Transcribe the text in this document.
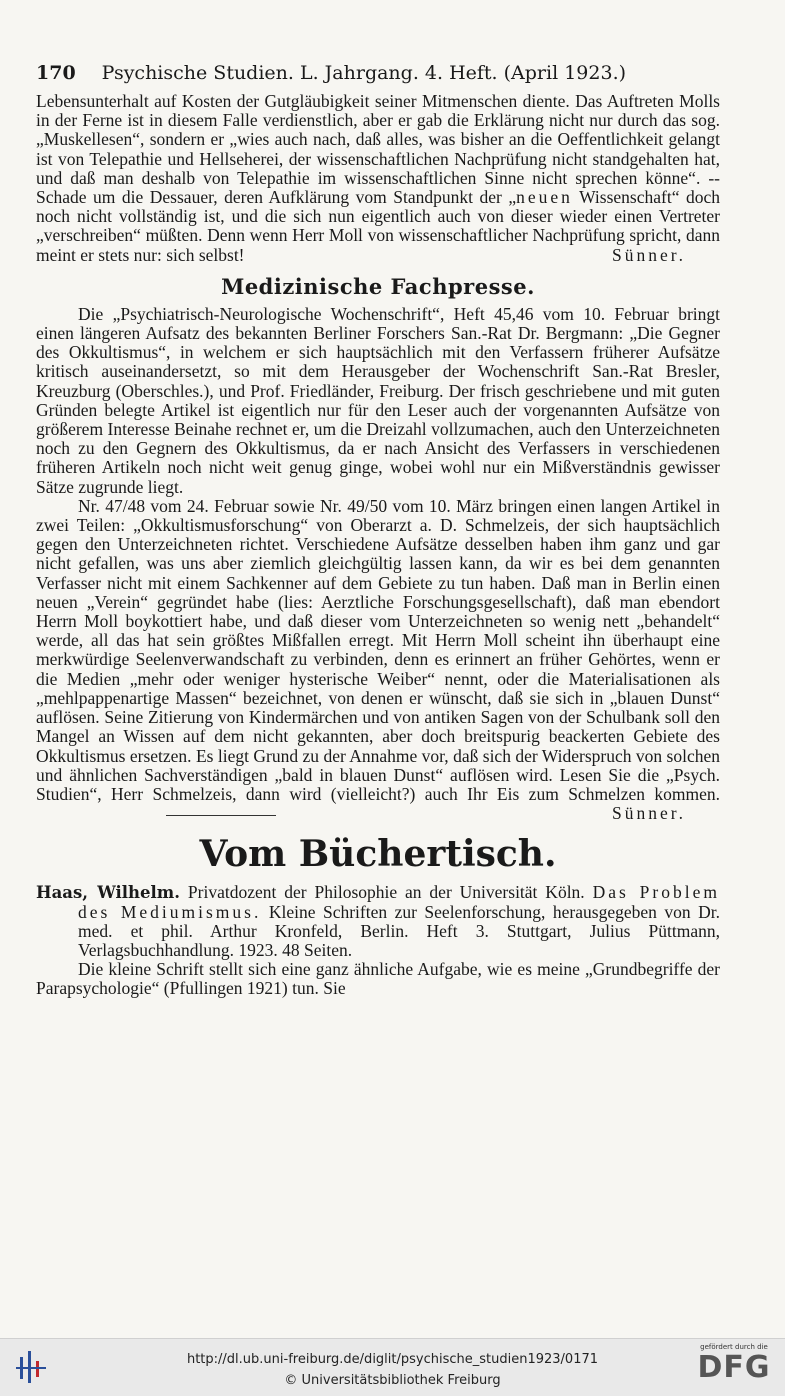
170 Psychische Studien. L. Jahrgang. 4. Heft. (April 1923.)

Lebensunterhalt auf Kosten der Gutgläubigkeit seiner Mitmenschen diente. Das Auftreten Molls in der Ferne ist in diesem Falle verdienstlich, aber er gab die Erklärung nicht nur durch das sog. „Muskellesen“, sondern er „wies auch nach, daß alles, was bisher an die Oeffentlichkeit gelangt ist von Telepathie und Hellseherei, der wissenschaftlichen Nachprüfung nicht standgehalten hat, und daß man deshalb von Telepathie im wissenschaftlichen Sinne nicht sprechen könne“. -- Schade um die Dessauer, deren Aufklärung vom Standpunkt der „neuen Wissenschaft“ doch noch nicht vollständig ist, und die sich nun eigentlich auch von dieser wieder einen Vertreter „verschreiben“ müßten. Denn wenn Herr Moll von wissenschaftlicher Nachprüfung spricht, dann meint er stets nur: sich selbst!	Sünner.

Medizinische Fachpresse.

Die „Psychiatrisch-Neurologische Wochenschrift“, Heft 45,46 vom 10. Februar bringt einen längeren Aufsatz des bekannten Berliner Forschers San.-Rat Dr. Bergmann: „Die Gegner des Okkultismus“, in welchem er sich hauptsächlich mit den Verfassern früherer Aufsätze kritisch auseinandersetzt, so mit dem Herausgeber der Wochenschrift San.-Rat Bresler, Kreuzburg (Oberschles.), und Prof. Friedländer, Freiburg. Der frisch geschriebene und mit guten Gründen belegte Artikel ist eigentlich nur für den Leser auch der vorgenannten Aufsätze von größerem Interesse Beinahe rechnet er, um die Dreizahl vollzumachen, auch den Unterzeichneten noch zu den Gegnern des Okkultismus, da er nach Ansicht des Verfassers in verschiedenen früheren Artikeln noch nicht weit genug ginge, wobei wohl nur ein Mißverständnis gewisser Sätze zugrunde liegt.

Nr. 47/48 vom 24. Februar sowie Nr. 49/50 vom 10. März bringen einen langen Artikel in zwei Teilen: „Okkultismusforschung“ von Oberarzt a. D. Schmelzeis, der sich hauptsächlich gegen den Unterzeichneten richtet. Verschiedene Aufsätze desselben haben ihm ganz und gar nicht gefallen, was uns aber ziemlich gleichgültig lassen kann, da wir es bei dem genannten Verfasser nicht mit einem Sachkenner auf dem Gebiete zu tun haben. Daß man in Berlin einen neuen „Verein“ gegründet habe (lies: Aerztliche Forschungsgesellschaft), daß man ebendort Herrn Moll boykottiert habe, und daß dieser vom Unterzeichneten so wenig nett „behandelt“ werde, all das hat sein größtes Mißfallen erregt. Mit Herrn Moll scheint ihn überhaupt eine merkwürdige Seelenverwandschaft zu verbinden, denn es erinnert an früher Gehörtes, wenn er die Medien „mehr oder weniger hysterische Weiber“ nennt, oder die Materialisationen als „mehlpappenartige Massen“ bezeichnet, von denen er wünscht, daß sie sich in „blauen Dunst“ auflösen. Seine Zitierung von Kindermärchen und von antiken Sagen von der Schulbank soll den Mangel an Wissen auf dem nicht gekannten, aber doch breitspurig beackerten Gebiete des Okkultismus ersetzen. Es liegt Grund zu der Annahme vor, daß sich der Widerspruch von solchen und ähnlichen Sachverständigen „bald in blauen Dunst“ auflösen wird. Lesen Sie die „Psych. Studien“, Herr Schmelzeis, dann wird (vielleicht?) auch Ihr Eis zum Schmelzen kommen.
Sünner.

Vom Büchertisch.

Haas, Wilhelm. Privatdozent der Philosophie an der Universität Köln. Das Problem des Mediumismus. Kleine Schriften zur Seelenforschung, herausgegeben von Dr. med. et phil. Arthur Kronfeld, Berlin. Heft 3. Stuttgart, Julius Püttmann, Verlagsbuchhandlung. 1923. 48 Seiten.

Die kleine Schrift stellt sich eine ganz ähnliche Aufgabe, wie es meine „Grundbegriffe der Parapsychologie“ (Pfullingen 1921) tun. Sie

http://dl.ub.uni-freiburg.de/diglit/psychische_studien1923/0171
© Universitätsbibliothek Freiburg
gefördert durch die
DFG
